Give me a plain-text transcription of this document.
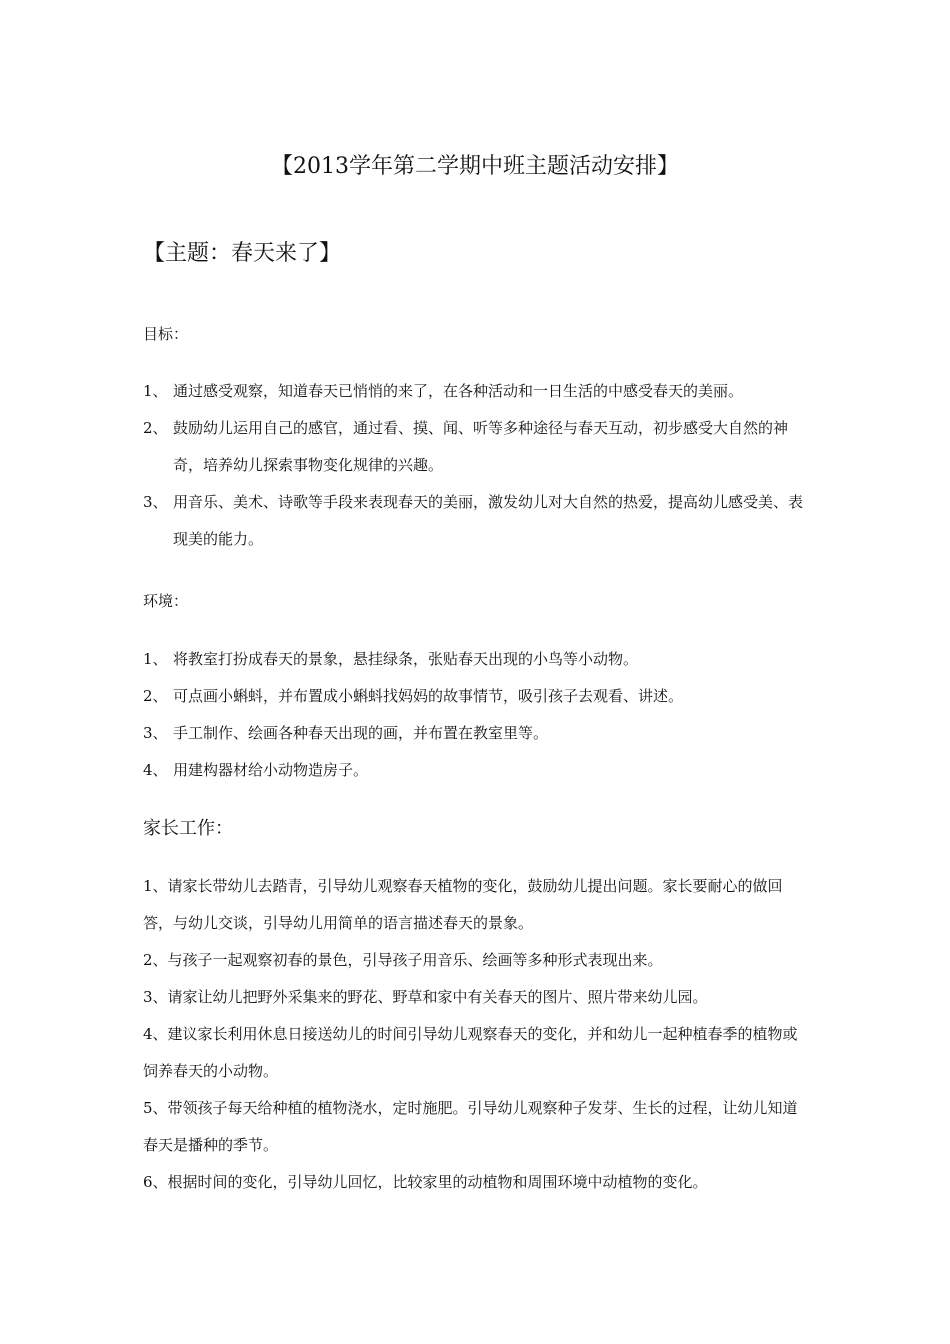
【2013学年第二学期中班主题活动安排】
【主题：春天来了】
目标：
1、 通过感受观察，知道春天已悄悄的来了，在各种活动和一日生活的中感受春天的美丽。
2、 鼓励幼儿运用自己的感官，通过看、摸、闻、听等多种途径与春天互动，初步感受大自然的神奇，培养幼儿探索事物变化规律的兴趣。
3、 用音乐、美术、诗歌等手段来表现春天的美丽，激发幼儿对大自然的热爱，提高幼儿感受美、表现美的能力。
环境：
1、 将教室打扮成春天的景象，悬挂绿条，张贴春天出现的小鸟等小动物。
2、 可点画小蝌蚪，并布置成小蝌蚪找妈妈的故事情节，吸引孩子去观看、讲述。
3、 手工制作、绘画各种春天出现的画，并布置在教室里等。
4、 用建构器材给小动物造房子。
家长工作：
1、请家长带幼儿去踏青，引导幼儿观察春天植物的变化，鼓励幼儿提出问题。家长要耐心的做回答，与幼儿交谈，引导幼儿用简单的语言描述春天的景象。
2、与孩子一起观察初春的景色，引导孩子用音乐、绘画等多种形式表现出来。
3、请家让幼儿把野外采集来的野花、野草和家中有关春天的图片、照片带来幼儿园。
4、建议家长利用休息日接送幼儿的时间引导幼儿观察春天的变化，并和幼儿一起种植春季的植物或饲养春天的小动物。
5、带领孩子每天给种植的植物浇水，定时施肥。引导幼儿观察种子发芽、生长的过程，让幼儿知道春天是播种的季节。
6、根据时间的变化，引导幼儿回忆，比较家里的动植物和周围环境中动植物的变化。
